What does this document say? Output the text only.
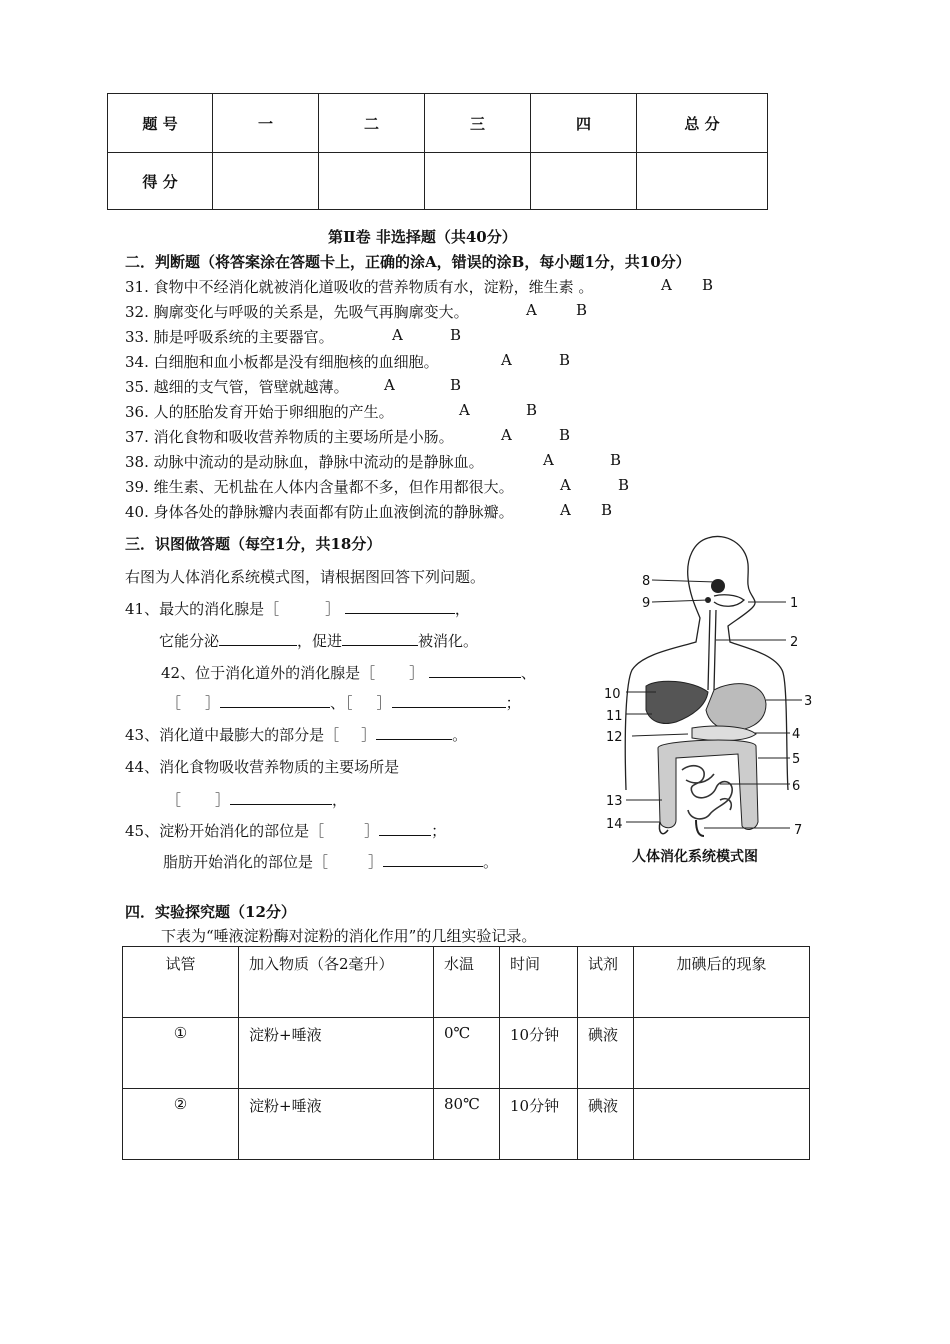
题 号	一	二	三	四	总 分
得 分					
第Ⅱ卷 非选择题（共40分）
二．判断题（将答案涂在答题卡上，正确的涂A，错误的涂B，每小题1分，共10分）
31. 食物中不经消化就被消化道吸收的营养物质有水，淀粉，维生素 。	A B
32. 胸廓变化与呼吸的关系是，先吸气再胸廓变大。	A	B
33. 肺是呼吸系统的主要器官。	A	B
34. 白细胞和血小板都是没有细胞核的血细胞。	A	B
35. 越细的支气管，管壁就越薄。 A	B
36. 人的胚胎发育开始于卵细胞的产生。	A	B
37. 消化食物和吸收营养物质的主要场所是小肠。	A	B
38. 动脉中流动的是动脉血，静脉中流动的是静脉血。	A	B
39. 维生素、无机盐在人体内含量都不多，但作用都很大。	A	B
40. 身体各处的静脉瓣内表面都有防止血液倒流的静脉瓣。	A B
三．识图做答题（每空1分，共18分）
右图为人体消化系统模式图，请根据图回答下列问题。
41、最大的消化腺是［	］	，
它能分泌	，促进	被消化。
42、位于消化道外的消化腺是［ ］	、
［ ］	、［ ］	；
43、消化道中最膨大的部分是［ ］	。
44、消化食物吸收营养物质的主要场所是
［ ］	，
45、淀粉开始消化的部位是［	］	；
脂肪开始消化的部位是［	］	。
8
9	1
2
10
11
12
3
4
5
6
13
14	7
人体消化系统模式图
四．实验探究题（12分）
下表为“唾液淀粉酶对淀粉的消化作用”的几组实验记录。
试管	加入物质（各2毫升）	水温	时间	试剂	加碘后的现象
①	淀粉+唾液	0℃	10分钟	碘液	
②	淀粉+唾液	80℃	10分钟	碘液	
